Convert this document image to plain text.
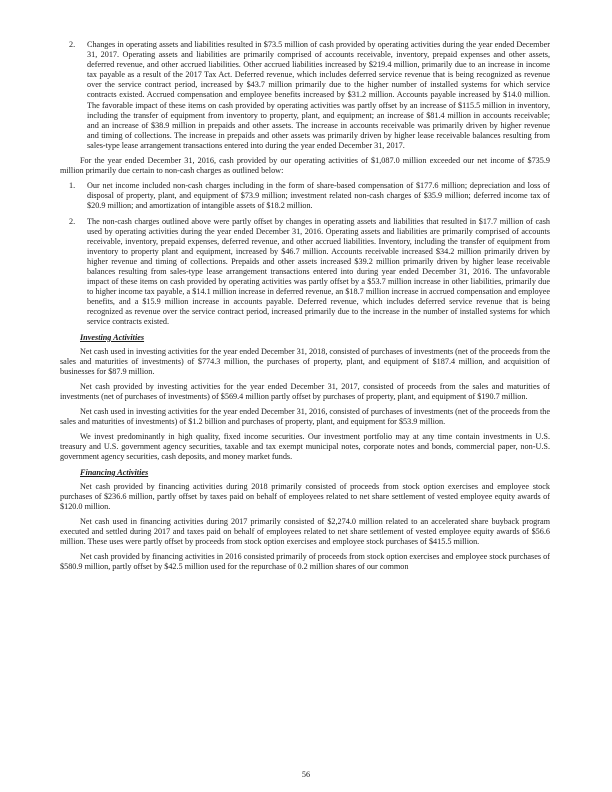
2. Changes in operating assets and liabilities resulted in $73.5 million of cash provided by operating activities during the year ended December 31, 2017. Operating assets and liabilities are primarily comprised of accounts receivable, inventory, prepaid expenses and other assets, deferred revenue, and other accrued liabilities. Other accrued liabilities increased by $219.4 million, primarily due to an increase in income tax payable as a result of the 2017 Tax Act. Deferred revenue, which includes deferred service revenue that is being recognized as revenue over the service contract period, increased by $43.7 million primarily due to the higher number of installed systems for which service contracts existed. Accrued compensation and employee benefits increased by $31.2 million. Accounts payable increased by $14.0 million. The favorable impact of these items on cash provided by operating activities was partly offset by an increase of $115.5 million in inventory, including the transfer of equipment from inventory to property, plant, and equipment; an increase of $81.4 million in accounts receivable; and an increase of $38.9 million in prepaids and other assets. The increase in accounts receivable was primarily driven by higher revenue and timing of collections. The increase in prepaids and other assets was primarily driven by higher lease receivable balances resulting from sales-type lease arrangement transactions entered into during the year ended December 31, 2017.

For the year ended December 31, 2016, cash provided by our operating activities of $1,087.0 million exceeded our net income of $735.9 million primarily due certain to non-cash charges as outlined below:

1. Our net income included non-cash charges including in the form of share-based compensation of $177.6 million; depreciation and loss of disposal of property, plant, and equipment of $73.9 million; investment related non-cash charges of $35.9 million; deferred income tax of $20.9 million; and amortization of intangible assets of $18.2 million.
2. The non-cash charges outlined above were partly offset by changes in operating assets and liabilities that resulted in $17.7 million of cash used by operating activities during the year ended December 31, 2016. Operating assets and liabilities are primarily comprised of accounts receivable, inventory, prepaid expenses, deferred revenue, and other accrued liabilities. Inventory, including the transfer of equipment from inventory to property plant and equipment, increased by $46.7 million. Accounts receivable increased $34.2 million primarily driven by higher revenue and timing of collections. Prepaids and other assets increased $39.2 million primarily driven by higher lease receivable balances resulting from sales-type lease arrangement transactions entered into during year ended December 31, 2016. The unfavorable impact of these items on cash provided by operating activities was partly offset by a $53.7 million increase in other liabilities, primarily due to higher income tax payable, a $14.1 million increase in deferred revenue, an $18.7 million increase in accrued compensation and employee benefits, and a $15.9 million increase in accounts payable. Deferred revenue, which includes deferred service revenue that is being recognized as revenue over the service contract period, increased primarily due to the increase in the number of installed systems for which service contracts existed.
Investing Activities

Net cash used in investing activities for the year ended December 31, 2018, consisted of purchases of investments (net of the proceeds from the sales and maturities of investments) of $774.3 million, the purchases of property, plant, and equipment of $187.4 million, and acquisition of businesses for $87.9 million.

Net cash provided by investing activities for the year ended December 31, 2017, consisted of proceeds from the sales and maturities of investments (net of purchases of investments) of $569.4 million partly offset by purchases of property, plant, and equipment of $190.7 million.

Net cash used in investing activities for the year ended December 31, 2016, consisted of purchases of investments (net of the proceeds from the sales and maturities of investments) of $1.2 billion and purchases of property, plant, and equipment for $53.9 million.

We invest predominantly in high quality, fixed income securities. Our investment portfolio may at any time contain investments in U.S. treasury and U.S. government agency securities, taxable and tax exempt municipal notes, corporate notes and bonds, commercial paper, non-U.S. government agency securities, cash deposits, and money market funds.

Financing Activities

Net cash provided by financing activities during 2018 primarily consisted of proceeds from stock option exercises and employee stock purchases of $236.6 million, partly offset by taxes paid on behalf of employees related to net share settlement of vested employee equity awards of $120.0 million.

Net cash used in financing activities during 2017 primarily consisted of $2,274.0 million related to an accelerated share buyback program executed and settled during 2017 and taxes paid on behalf of employees related to net share settlement of vested employee equity awards of $56.6 million. These uses were partly offset by proceeds from stock option exercises and employee stock purchases of $415.5 million.

Net cash provided by financing activities in 2016 consisted primarily of proceeds from stock option exercises and employee stock purchases of $580.9 million, partly offset by $42.5 million used for the repurchase of 0.2 million shares of our common

56
